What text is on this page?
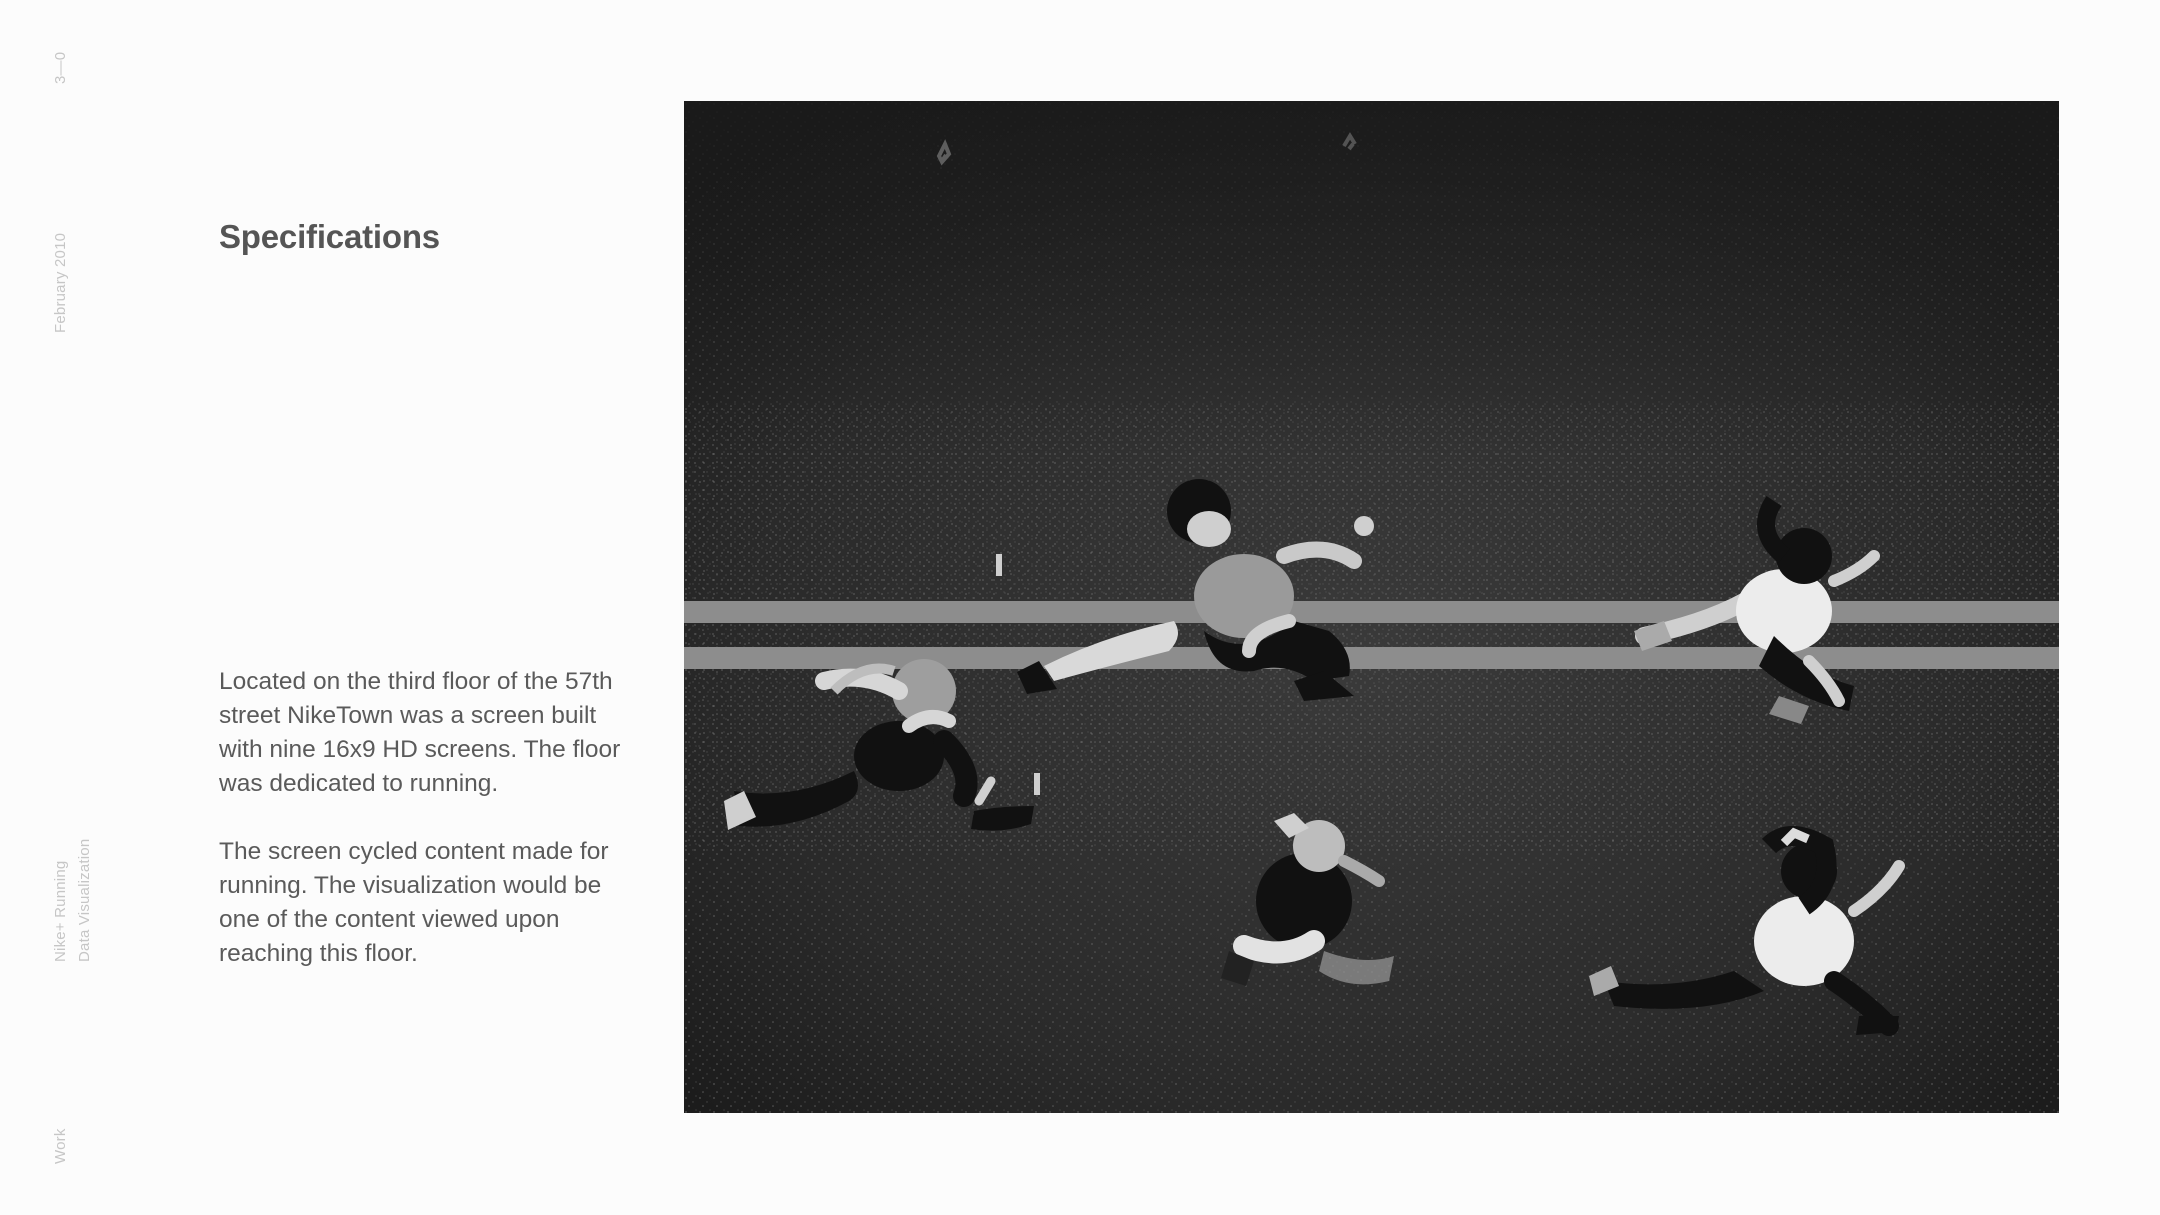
3—0
February 2010
Nike+ Running Data Visualization
Work
Specifications

Located on the third floor of the 57th street NikeTown was a screen built with nine 16x9 HD screens. The floor was dedicated to running.

The screen cycled content made for running. The visualization would be one of the content viewed upon reaching this floor.
